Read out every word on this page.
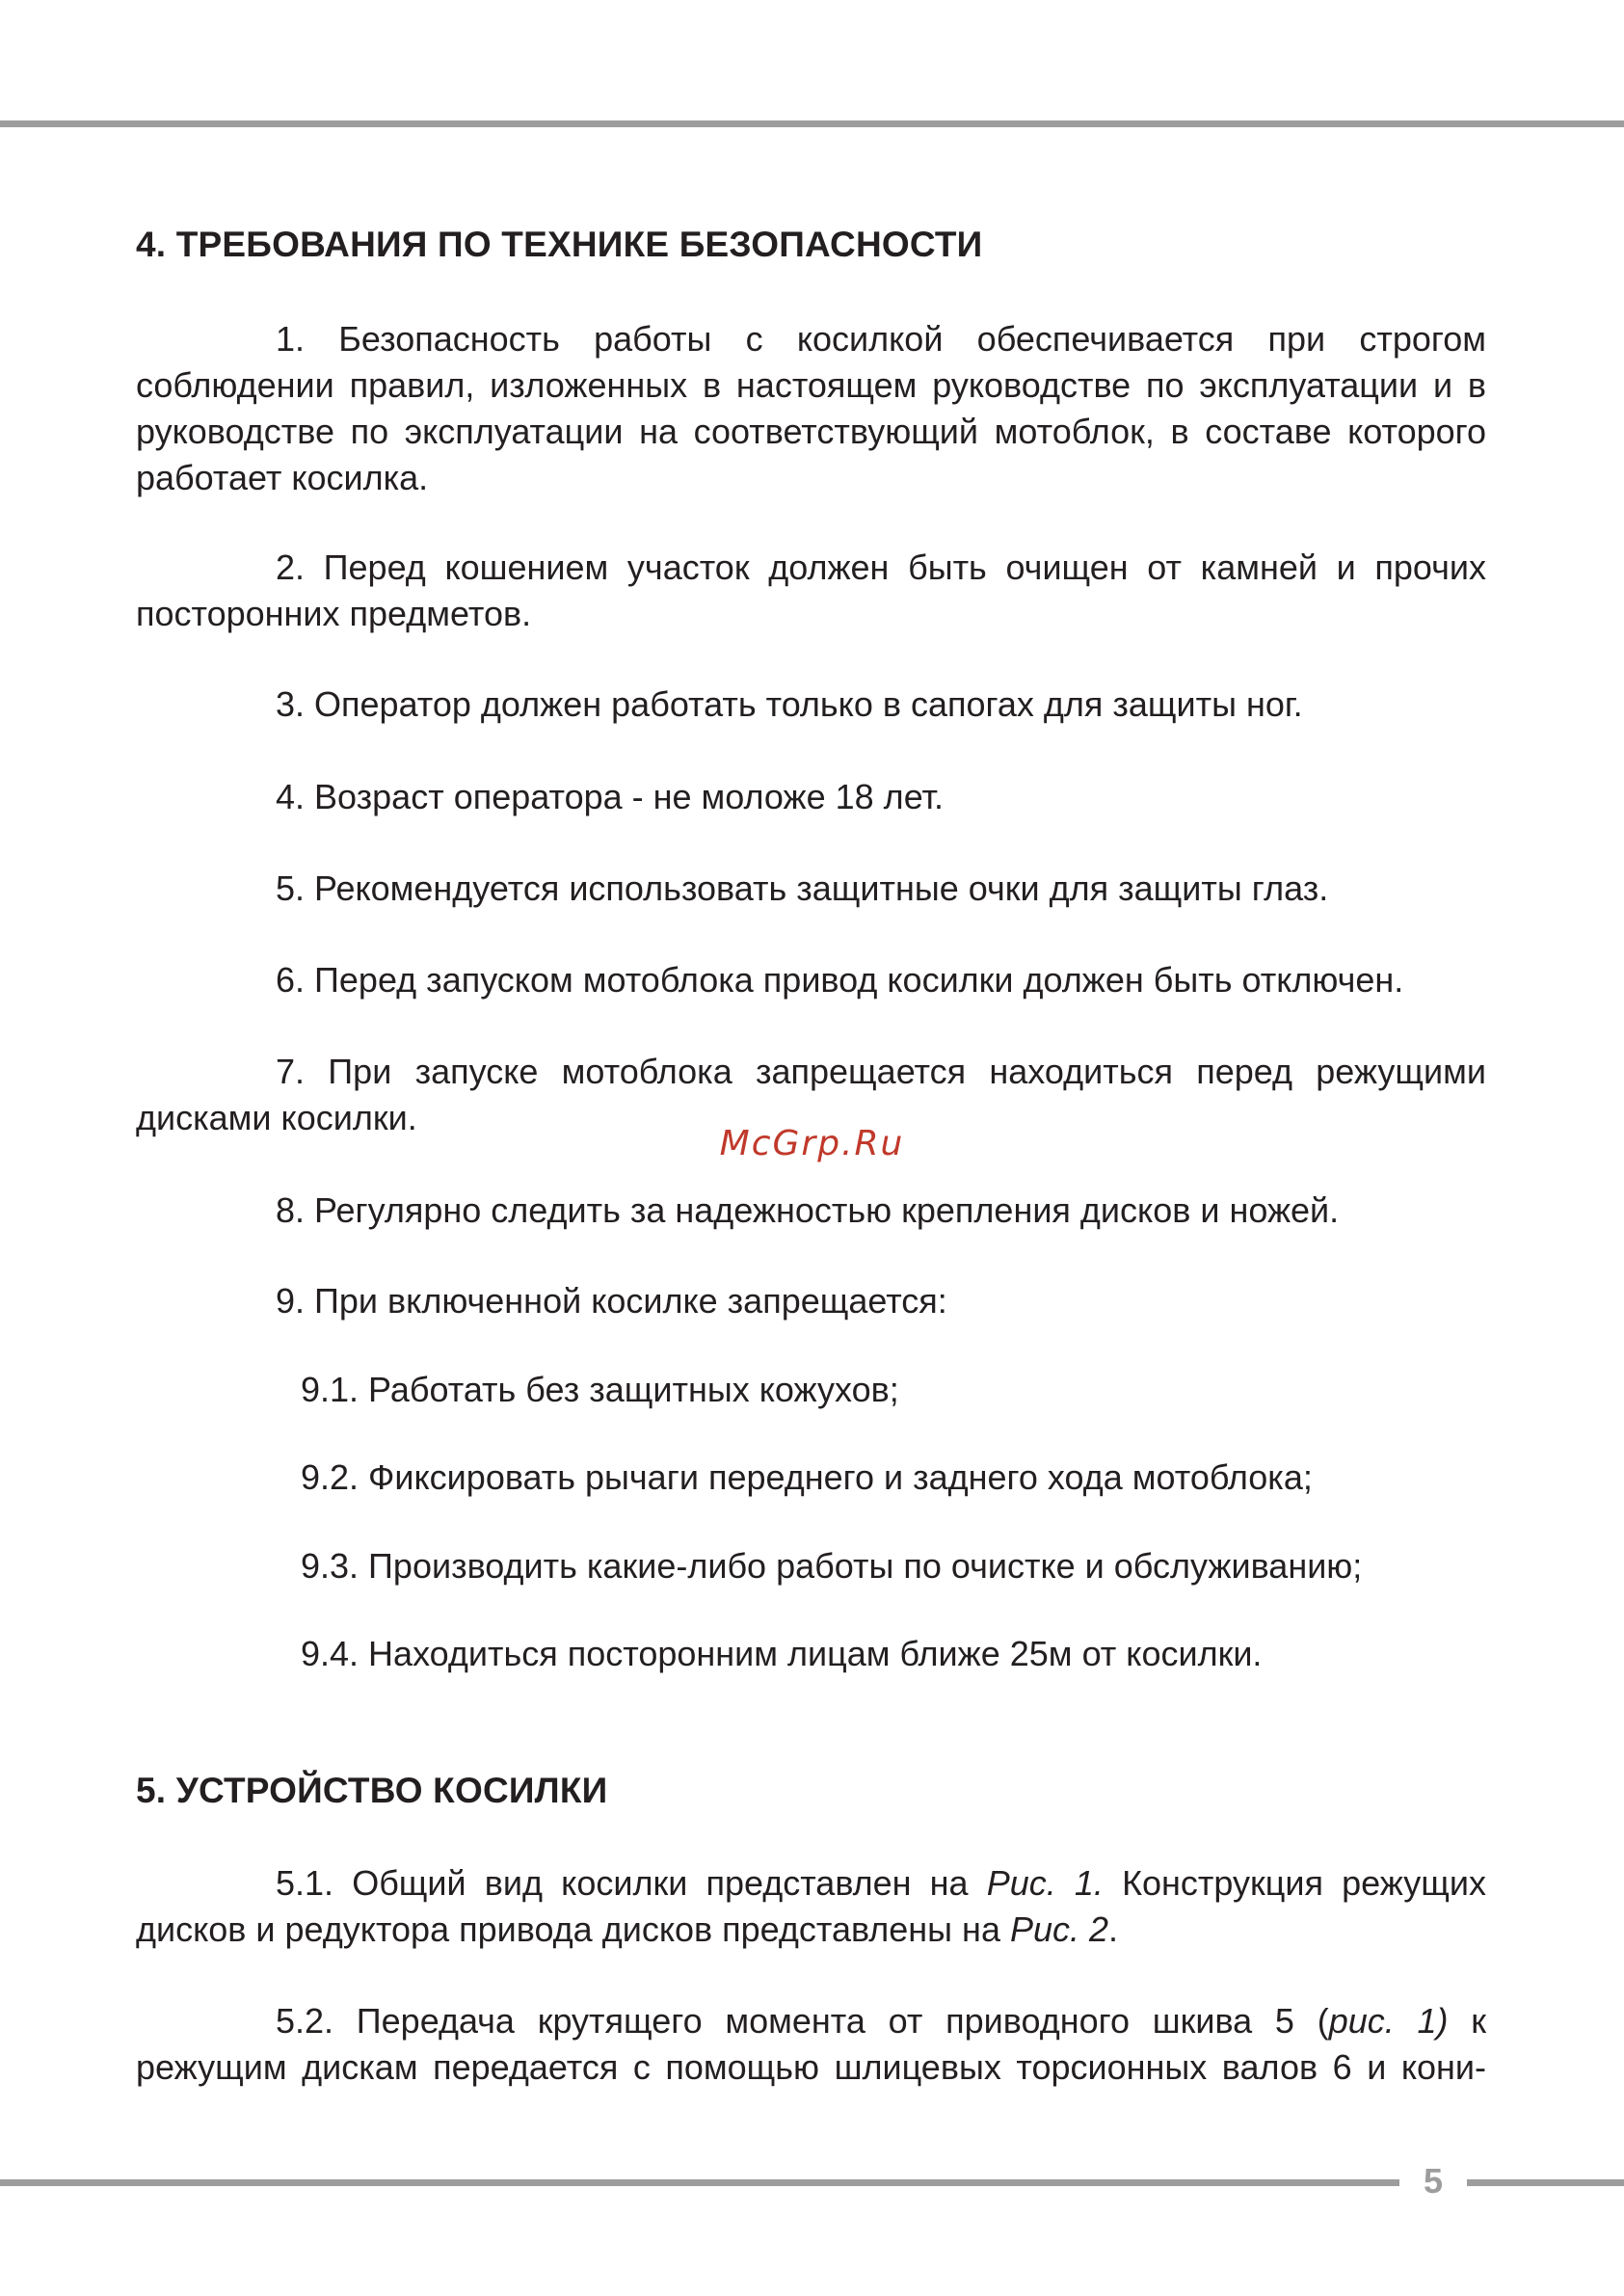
4. ТРЕБОВАНИЯ ПО ТЕХНИКЕ БЕЗОПАСНОСТИ
1. Безопасность работы с косилкой обеспечивается при строгом соблюдении правил, изложенных в настоящем руководстве по эксплуатации и в руководстве по эксплуатации на соответствующий мотоблок, в составе которого работает косилка.
2. Перед кошением участок должен быть очищен от камней и прочих посторонних предметов.
3. Оператор должен работать только в сапогах для защиты ног.
4. Возраст оператора - не моложе 18 лет.
5. Рекомендуется использовать защитные очки для защиты глаз.
6. Перед запуском мотоблока привод косилки должен быть отключен.
7. При запуске мотоблока запрещается находиться перед режущими дисками косилки.
McGrp.Ru
8. Регулярно следить за надежностью крепления дисков и ножей.
9. При включенной косилке запрещается:
9.1. Работать без защитных кожухов;
9.2. Фиксировать рычаги переднего и заднего хода мотоблока;
9.3. Производить какие-либо работы по очистке и обслуживанию;
9.4. Находиться посторонним лицам ближе 25м от косилки.
5. УСТРОЙСТВО КОСИЛКИ
5.1. Общий вид косилки представлен на Рис. 1. Конструкция режущих дисков и редуктора привода дисков представлены на Рис. 2.
5.2. Передача крутящего момента от приводного шкива 5 (рис. 1) к режущим дискам передается с помощью шлицевых торсионных валов 6 и кони-
5
